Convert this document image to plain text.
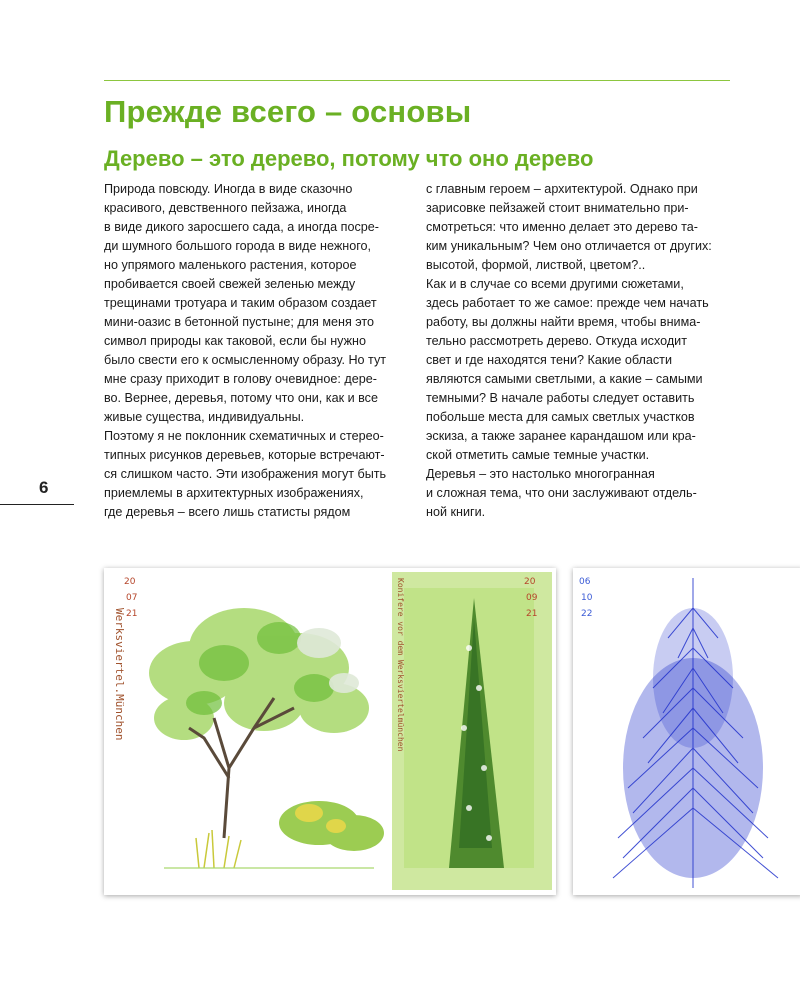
Прежде всего – основы
Дерево – это дерево, потому что оно дерево
Природа повсюду. Иногда в виде сказочно
красивого, девственного пейзажа, иногда
в виде дикого заросшего сада, а иногда посре-
ди шумного большого города в виде нежного,
но упрямого маленького растения, которое
пробивается своей свежей зеленью между
трещинами тротуара и таким образом создает
мини-оазис в бетонной пустыне; для меня это
символ природы как таковой, если бы нужно
было свести его к осмысленному образу. Но тут
мне сразу приходит в голову очевидное: дере-
во. Вернее, деревья, потому что они, как и все
живые существа, индивидуальны.
Поэтому я не поклонник схематичных и стерео-
типных рисунков деревьев, которые встречают-
ся слишком часто. Эти изображения могут быть
приемлемы в архитектурных изображениях,
где деревья – всего лишь статисты рядом
с главным героем – архитектурой. Однако при
зарисовке пейзажей стоит внимательно при-
смотреться: что именно делает это дерево та-
ким уникальным? Чем оно отличается от других:
высотой, формой, листвой, цветом?..
Как и в случае со всеми другими сюжетами,
здесь работает то же самое: прежде чем начать
работу, вы должны найти время, чтобы внима-
тельно рассмотреть дерево. Откуда исходит
свет и где находятся тени? Какие области
являются самыми светлыми, а какие – самыми
темными? В начале работы следует оставить
побольше места для самых светлых участков
эскиза, а также заранее карандашом или кра-
ской отметить самые темные участки.
Деревья – это настолько многогранная
и сложная тема, что они заслуживают отдель-
ной книги.
6
20
07
21
Werksviertel.München
20
09
21
Konifere vor dem Werksviertelmünchen	06
10
22
